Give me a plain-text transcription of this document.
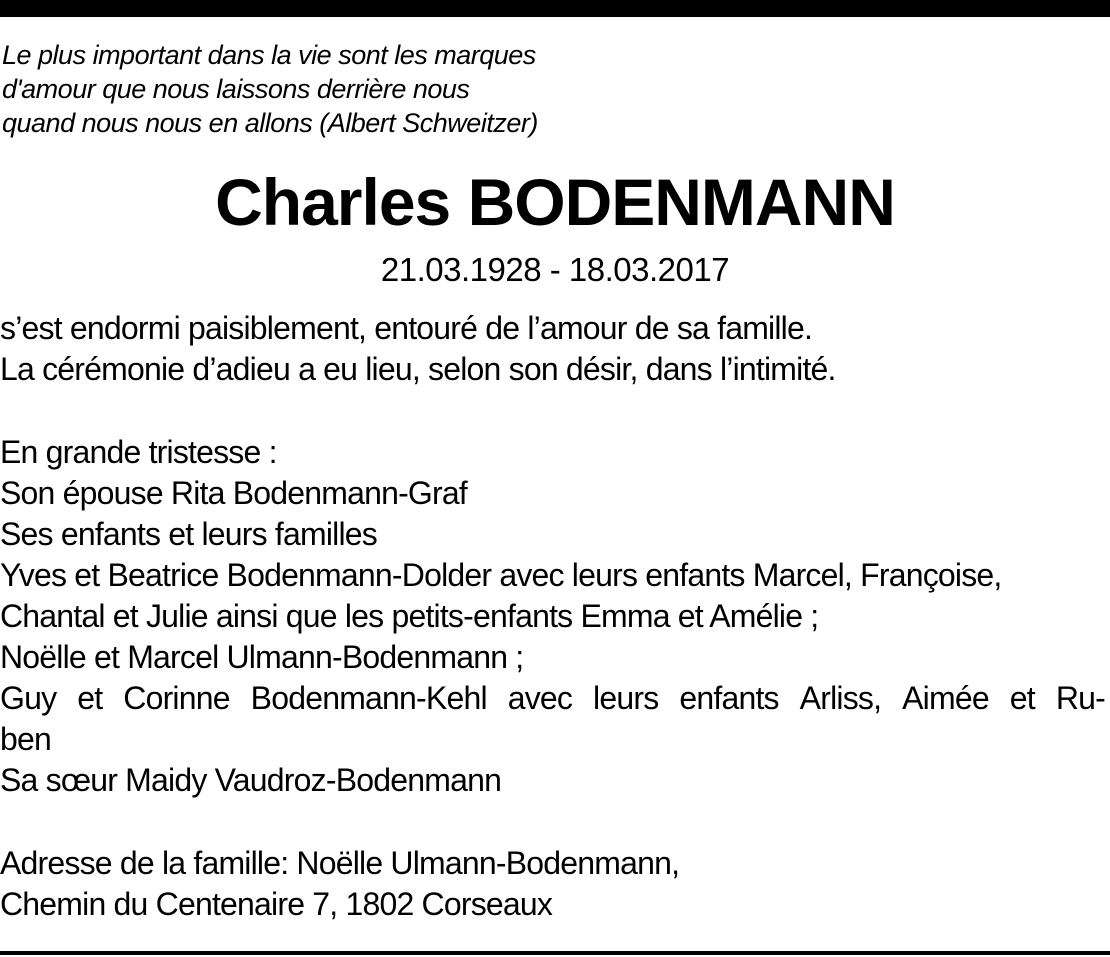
Le plus important dans la vie sont les marques
d'amour que nous laissons derrière nous
quand nous nous en allons (Albert Schweitzer)
Charles BODENMANN
21.03.1928 - 18.03.2017
s’est endormi paisiblement, entouré de l’amour de sa famille.
La cérémonie d’adieu a eu lieu, selon son désir, dans l’intimité.
En grande tristesse :
Son épouse Rita Bodenmann-Graf
Ses enfants et leurs familles
Yves et Beatrice Bodenmann-Dolder avec leurs enfants Marcel, Françoise,
Chantal et Julie ainsi que les petits-enfants Emma et Amélie ;
Noëlle et Marcel Ulmann-Bodenmann ;
Guy et Corinne Bodenmann-Kehl avec leurs enfants Arliss, Aimée et Ru-
ben
Sa sœur Maidy Vaudroz-Bodenmann
Adresse de la famille: Noëlle Ulmann-Bodenmann,
Chemin du Centenaire 7, 1802 Corseaux
